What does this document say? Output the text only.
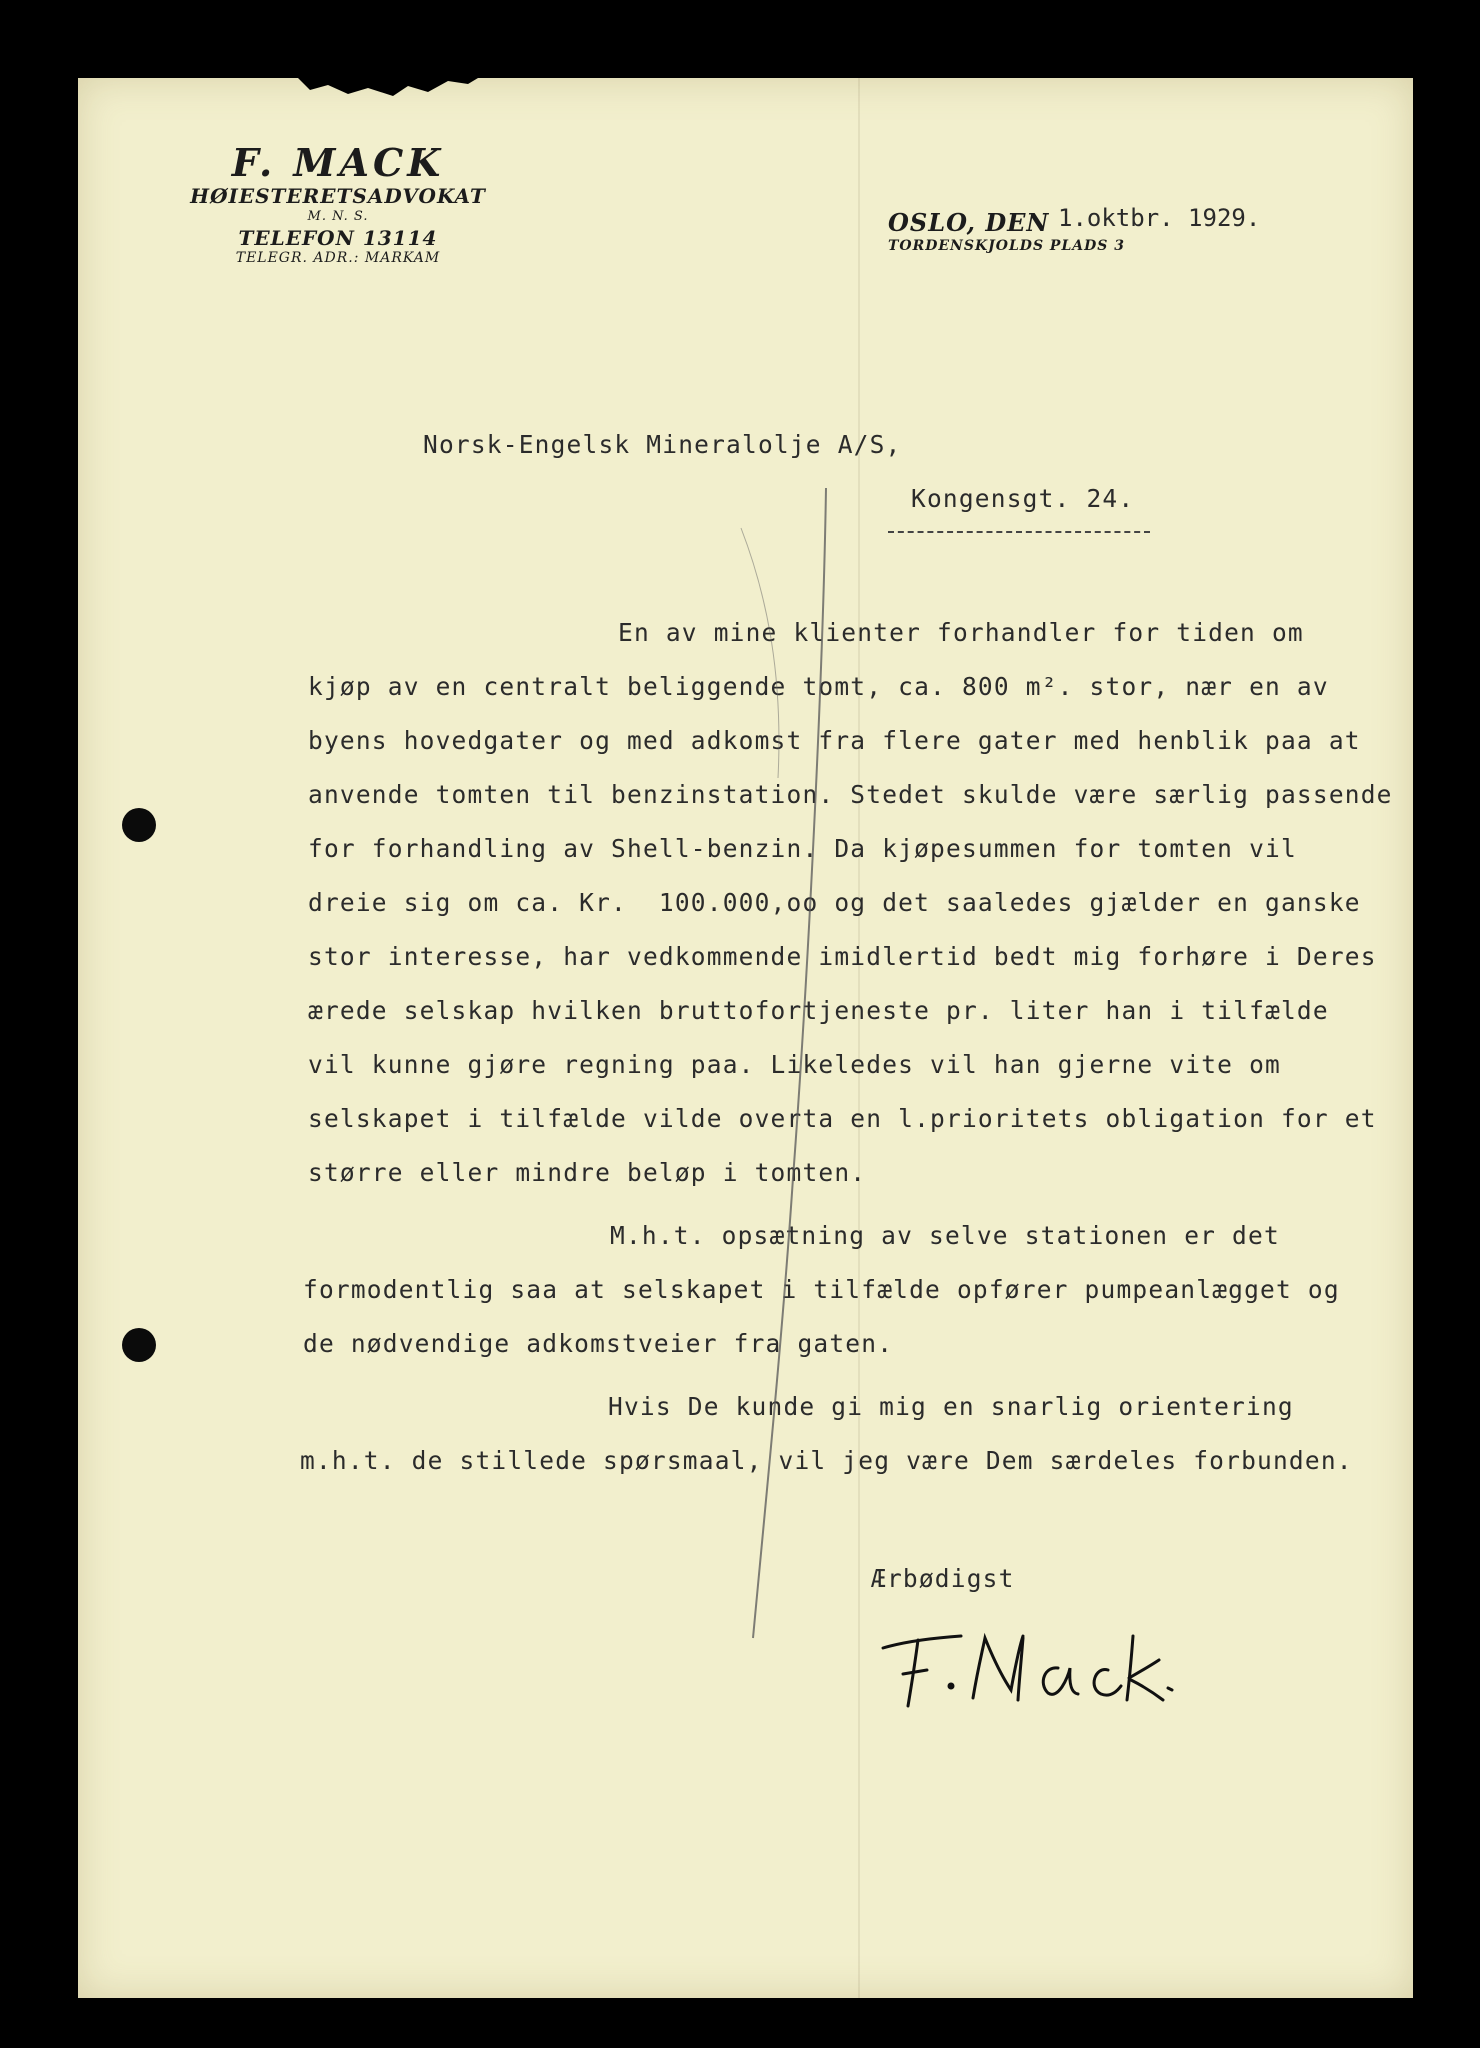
F. MACK
HØIESTERETSADVOKAT
M. N. S.
TELEFON 13114
TELEGR. ADR.: MARKAM
OSLO, DEN 1.oktbr. 1929.
TORDENSKJOLDS PLADS 3
Norsk-Engelsk Mineralolje A/S,
Kongensgt. 24.
En av mine klienter forhandler for tiden om
kjøp av en centralt beliggende tomt, ca. 800 m². stor, nær en av
byens hovedgater og med adkomst fra flere gater med henblik paa at
anvende tomten til benzinstation. Stedet skulde være særlig passende
for forhandling av Shell-benzin. Da kjøpesummen for tomten vil
dreie sig om ca. Kr.  100.000,oo og det saaledes gjælder en ganske
stor interesse, har vedkommende imidlertid bedt mig forhøre i Deres
ærede selskap hvilken bruttofortjeneste pr. liter han i tilfælde
vil kunne gjøre regning paa. Likeledes vil han gjerne vite om
selskapet i tilfælde vilde overta en l.prioritets obligation for et
større eller mindre beløp i tomten.
M.h.t. opsætning av selve stationen er det
formodentlig saa at selskapet i tilfælde opfører pumpeanlægget og
de nødvendige adkomstveier fra gaten.
Hvis De kunde gi mig en snarlig orientering
m.h.t. de stillede spørsmaal, vil jeg være Dem særdeles forbunden.
Ærbødigst
